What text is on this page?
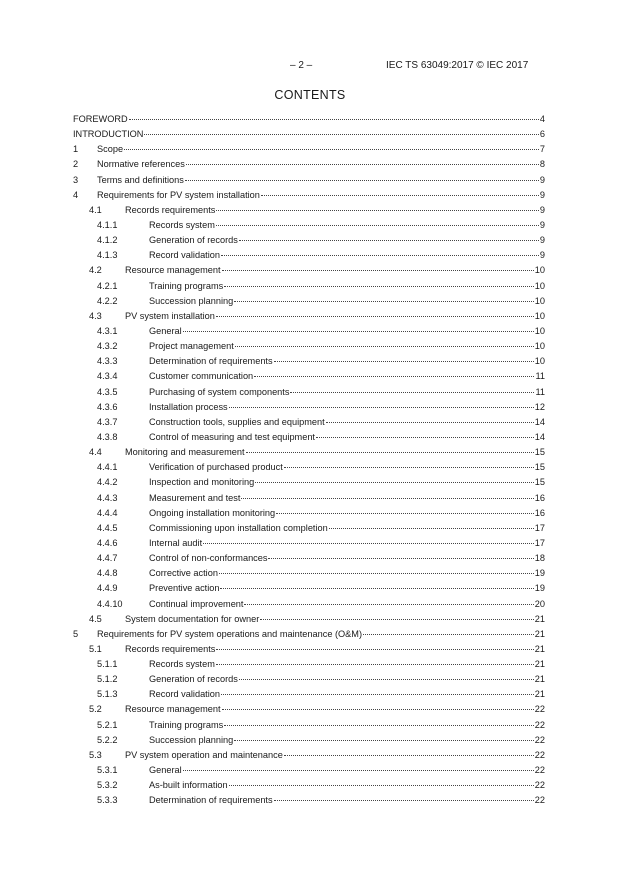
– 2 –	IEC TS 63049:2017 © IEC 2017
CONTENTS
FOREWORD	4
INTRODUCTION	6
1	Scope	7
2	Normative references	8
3	Terms and definitions	9
4	Requirements for PV system installation	9
4.1	Records requirements	9
4.1.1	Records system	9
4.1.2	Generation of records	9
4.1.3	Record validation	9
4.2	Resource management	10
4.2.1	Training programs	10
4.2.2	Succession planning	10
4.3	PV system installation	10
4.3.1	General	10
4.3.2	Project management	10
4.3.3	Determination of requirements	10
4.3.4	Customer communication	11
4.3.5	Purchasing of system components	11
4.3.6	Installation process	12
4.3.7	Construction tools, supplies and equipment	14
4.3.8	Control of measuring and test equipment	14
4.4	Monitoring and measurement	15
4.4.1	Verification of purchased product	15
4.4.2	Inspection and monitoring	15
4.4.3	Measurement and test	16
4.4.4	Ongoing installation monitoring	16
4.4.5	Commissioning upon installation completion	17
4.4.6	Internal audit	17
4.4.7	Control of non-conformances	18
4.4.8	Corrective action	19
4.4.9	Preventive action	19
4.4.10	Continual improvement	20
4.5	System documentation for owner	21
5	Requirements for PV system operations and maintenance (O&M)	21
5.1	Records requirements	21
5.1.1	Records system	21
5.1.2	Generation of records	21
5.1.3	Record validation	21
5.2	Resource management	22
5.2.1	Training programs	22
5.2.2	Succession planning	22
5.3	PV system operation and maintenance	22
5.3.1	General	22
5.3.2	As-built information	22
5.3.3	Determination of requirements	22
